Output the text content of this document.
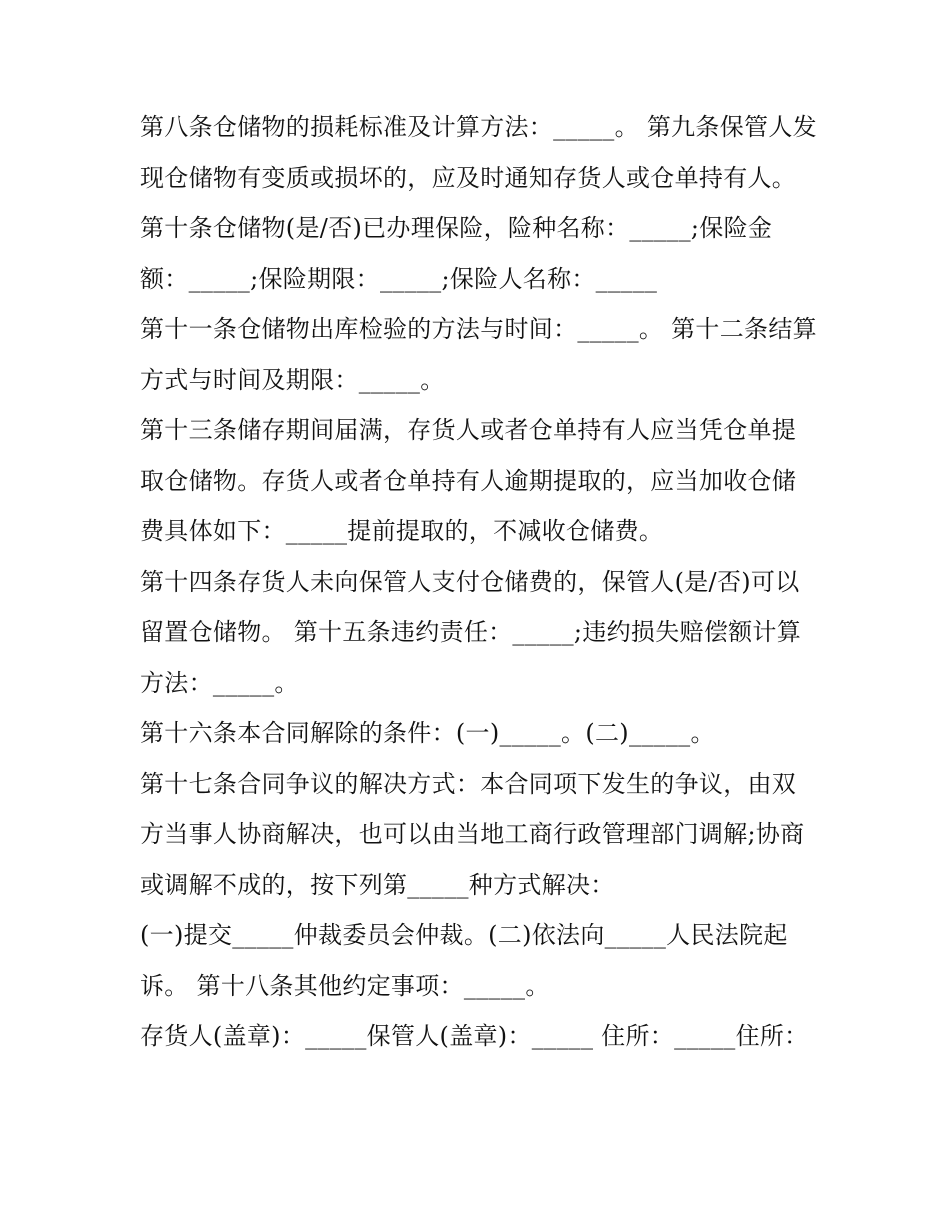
第八条仓储物的损耗标准及计算方法：_____。 第九条保管人发现仓储物有变质或损坏的，应及时通知存货人或仓单持有人。

第十条仓储物(是/否)已办理保险，险种名称：_____;保险金额：_____;保险期限：_____;保险人名称：_____

第十一条仓储物出库检验的方法与时间：_____。 第十二条结算方式与时间及期限：_____。

第十三条储存期间届满，存货人或者仓单持有人应当凭仓单提取仓储物。存货人或者仓单持有人逾期提取的，应当加收仓储费具体如下：_____提前提取的，不减收仓储费。

第十四条存货人未向保管人支付仓储费的，保管人(是/否)可以留置仓储物。 第十五条违约责任：_____;违约损失赔偿额计算方法：_____。

第十六条本合同解除的条件：(一)_____。(二)_____。

第十七条合同争议的解决方式：本合同项下发生的争议，由双方当事人协商解决，也可以由当地工商行政管理部门调解;协商或调解不成的，按下列第_____种方式解决：

(一)提交_____仲裁委员会仲裁。(二)依法向_____人民法院起诉。 第十八条其他约定事项：_____。

存货人(盖章)：_____保管人(盖章)：_____ 住所：_____住所：
